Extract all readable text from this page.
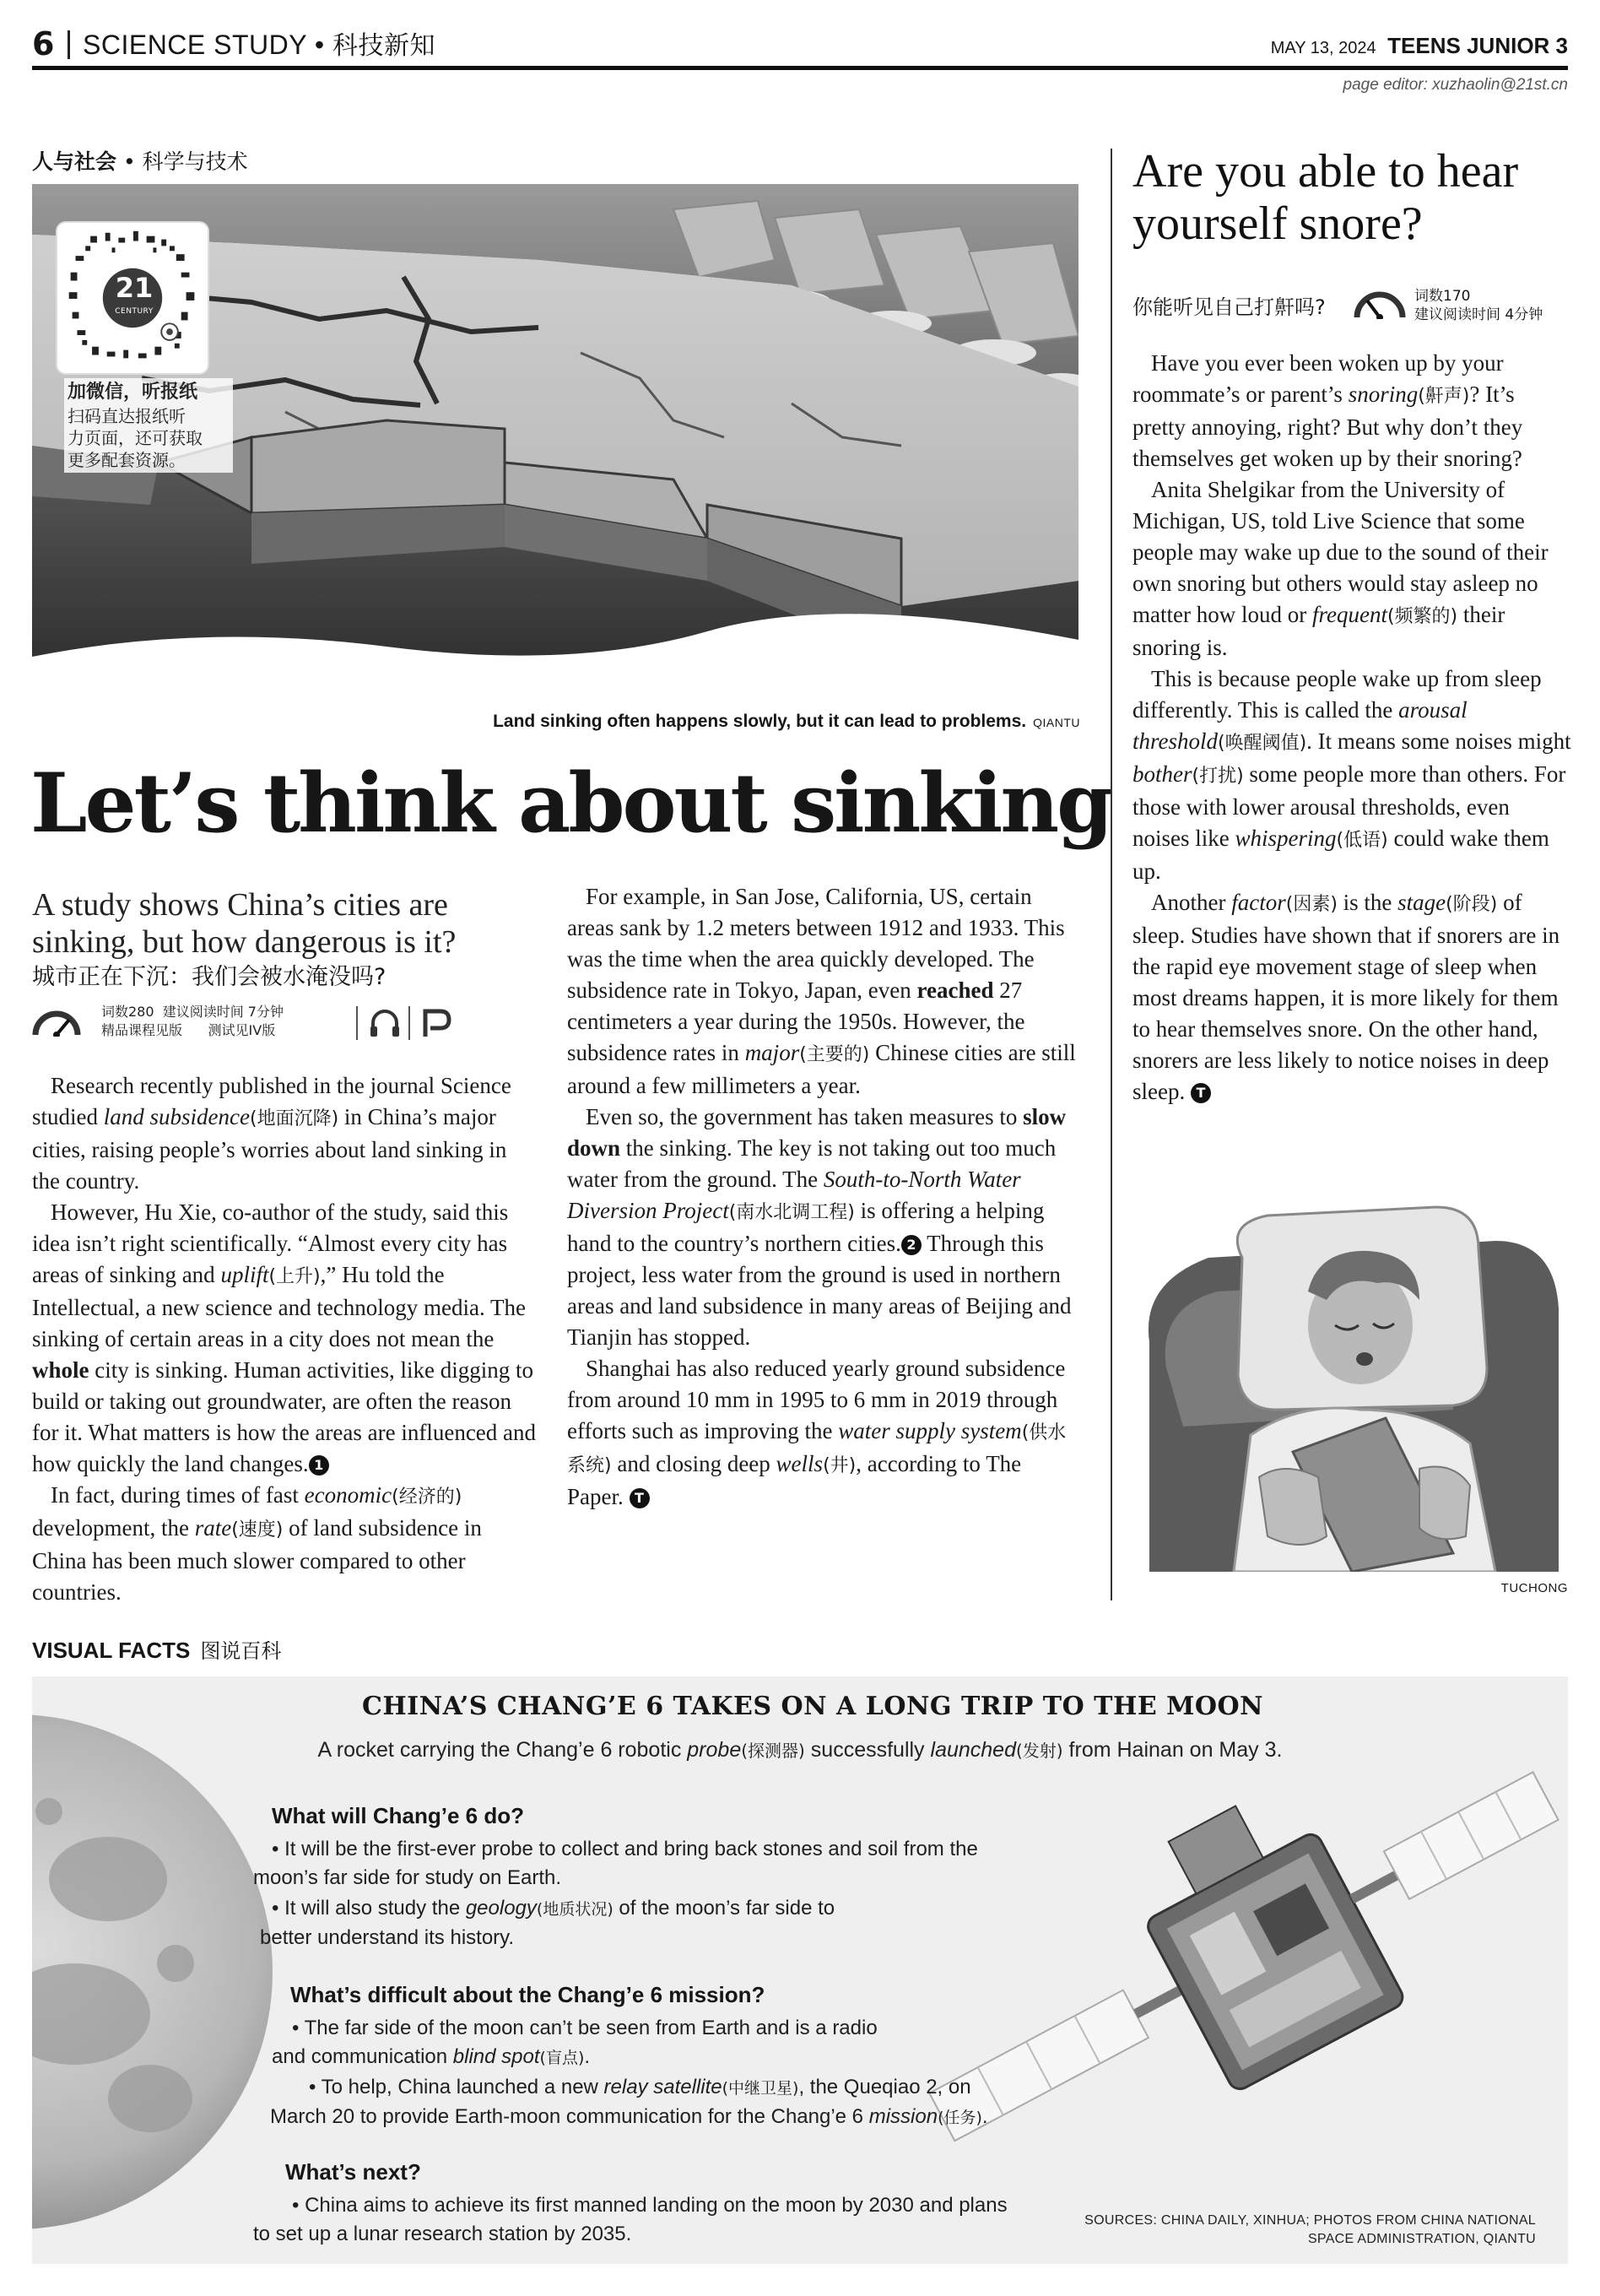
6 SCIENCE STUDY • 科技新知	MAY 13, 2024 TEENS JUNIOR 3
page editor: xuzhaolin@21st.cn
人与社会 • 科学与技术
21
CENTURY
加微信，听报纸
扫码直达报纸听
力页面，还可获取
更多配套资源。
Land sinking often happens slowly, but it can lead to problems. QIANTU
Let’s think about sinking
A study shows China’s cities are sinking, but how dangerous is it?
城市正在下沉：我们会被水淹没吗?
词数280 建议阅读时间 7分钟
精品课程见版 测试见IV版

Research recently published in the journal Science studied land subsidence(地面沉降) in China’s major cities, raising people’s worries about land sinking in the country.

However, Hu Xie, co-author of the study, said this idea isn’t right scientifically. “Almost every city has areas of sinking and uplift(上升),” Hu told the Intellectual, a new science and technology media. The sinking of certain areas in a city does not mean the whole city is sinking. Human activities, like digging to build or taking out groundwater, are often the reason for it. What matters is how the areas are influenced and how quickly the land changes. 1

In fact, during times of fast economic(经济的) development, the rate(速度) of land subsidence in China has been much slower compared to other countries.

For example, in San Jose, California, US, certain areas sank by 1.2 meters between 1912 and 1933. This was the time when the area quickly developed. The subsidence rate in Tokyo, Japan, even reached 27 centimeters a year during the 1950s. However, the subsidence rates in major(主要的) Chinese cities are still around a few millimeters a year.

Even so, the government has taken measures to slow down the sinking. The key is not taking out too much water from the ground. The South-to-North Water Diversion Project(南水北调工程) is offering a helping hand to the country’s northern cities. 2 Through this project, less water from the ground is used in northern areas and land subsidence in many areas of Beijing and Tianjin has stopped.

Shanghai has also reduced yearly ground subsidence from around 10 mm in 1995 to 6 mm in 2019 through efforts such as improving the water supply system(供水系统) and closing deep wells(井), according to The Paper. T

Are you able to hear yourself snore?
你能听见自己打鼾吗?	词数170
建议阅读时间 4分钟

Have you ever been woken up by your roommate’s or parent’s snoring(鼾声)? It’s pretty annoying, right? But why don’t they themselves get woken up by their snoring?

Anita Shelgikar from the University of Michigan, US, told Live Science that some people may wake up due to the sound of their own snoring but others would stay asleep no matter how loud or frequent(频繁的) their snoring is.

This is because people wake up from sleep differently. This is called the arousal threshold(唤醒阈值). It means some noises might bother(打扰) some people more than others. For those with lower arousal thresholds, even noises like whispering(低语) could wake them up.

Another factor(因素) is the stage(阶段) of sleep. Studies have shown that if snorers are in the rapid eye movement stage of sleep when most dreams happen, it is more likely for them to hear themselves snore. On the other hand, snorers are less likely to notice noises in deep sleep. T

TUCHONG
VISUAL FACTS 图说百科
CHINA’S CHANG’E 6 TAKES ON A LONG TRIP TO THE MOON
A rocket carrying the Chang’e 6 robotic probe(探测器) successfully launched(发射) from Hainan on May 3.
What will Chang’e 6 do?
• It will be the first-ever probe to collect and bring back stones and soil from the moon’s far side for study on Earth.
• It will also study the geology(地质状况) of the moon’s far side to better understand its history.
What’s difficult about the Chang’e 6 mission?
• The far side of the moon can’t be seen from Earth and is a radio and communication blind spot(盲点).
• To help, China launched a new relay satellite(中继卫星), the Queqiao 2, on March 20 to provide Earth-moon communication for the Chang’e 6 mission(任务).
What’s next?
• China aims to achieve its first manned landing on the moon by 2030 and plans to set up a lunar research station by 2035.
SOURCES: CHINA DAILY, XINHUA; PHOTOS FROM CHINA NATIONAL
SPACE ADMINISTRATION, QIANTU
